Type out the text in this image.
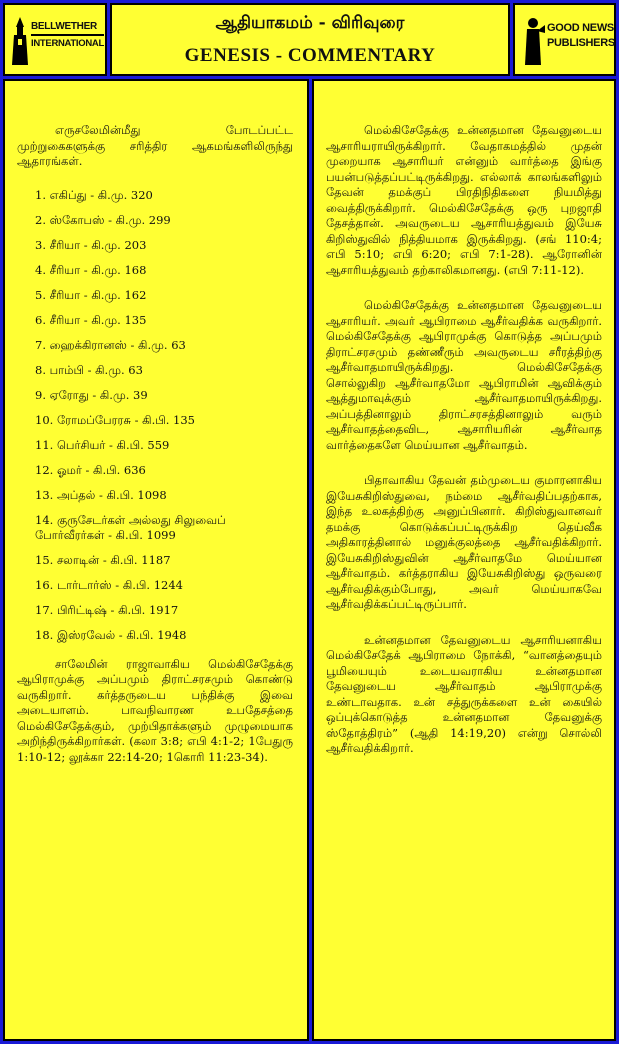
BELLWETHER
INTERNATIONAL
ஆதியாகமம் - விரிவுரை
GENESIS - COMMENTARY
GOOD NEWS
PUBLISHERS

எருசலேமின்மீது போடப்பட்ட முற்றுகைகளுக்கு சரித்திர ஆகமங்களிலிருந்து ஆதாரங்கள்.

1. எகிப்து - கி.மு. 320
2. ஸ்கோபஸ் - கி.மு. 299
3. சீரியா - கி.மு. 203
4. சீரியா - கி.மு. 168
5. சீரியா - கி.மு. 162
6. சீரியா - கி.மு. 135
7. ஹைக்கிரானஸ் - கி.மு. 63
8. பாம்பி - கி.மு. 63
9. ஏரோது - கி.மு. 39
10. ரோமப்பேரரசு - கி.பி. 135
11. பெர்சியர் - கி.பி. 559
12. ஓமர் - கி.பி. 636
13. அப்தல் - கி.பி. 1098
14. குருசேடர்கள் அல்லது சிலுவைப் போர்வீரர்கள் - கி.பி. 1099
15. சலாடின் - கி.பி. 1187
16. டார்டார்ஸ் - கி.பி. 1244
17. பிரிட்டிஷ் - கி.பி. 1917
18. இஸ்ரவேல் - கி.பி. 1948

சாலேமின் ராஜாவாகிய மெல்கிசேதேக்கு ஆபிராமுக்கு அப்பமும் திராட்சரசமும் கொண்டு வருகிறார். கர்த்தருடைய பந்திக்கு இவை அடையாளம். பாவநிவாரண உபதேசத்தை மெல்கிசேதேக்கும், முற்பிதாக்களும் முழுமையாக அறிந்திருக்கிறார்கள். (கலா 3:8; எபி 4:1-2; 1பேதுரு 1:10-12; லூக்கா 22:14-20; 1கொரி 11:23-34).

மெல்கிசேதேக்கு உன்னதமான தேவனுடைய ஆசாரியராயிருக்கிறார். வேதாகமத்தில் முதன் முறையாக ஆசாரியர் என்னும் வார்த்தை இங்கு பயன்படுத்தப்பட்டிருக்கிறது. எல்லாக் காலங்களிலும் தேவன் தமக்குப் பிரதிநிதிகளை நியமித்து வைத்திருக்கிறார். மெல்கிசேதேக்கு ஒரு புறஜாதி தேசத்தான். அவருடைய ஆசாரியத்துவம் இயேசு கிறிஸ்துவில் நித்தியமாக இருக்கிறது. (சங் 110:4; எபி 5:10; எபி 6:20; எபி 7:1-28). ஆரோனின் ஆசாரியத்துவம் தற்காலிகமானது. (எபி 7:11-12).

மெல்கிசேதேக்கு உன்னதமான தேவனுடைய ஆசாரியர். அவர் ஆபிராமை ஆசீர்வதிக்க வருகிறார். மெல்கிசேதேக்கு ஆபிராமுக்கு கொடுத்த அப்பமும் திராட்சரசமும் தண்ணீரும் அவருடைய சரீரத்திற்கு ஆசீர்வாதமாயிருக்கிறது. மெல்கிசேதேக்கு சொல்லுகிற ஆசீர்வாதமோ ஆபிராமின் ஆவிக்கும் ஆத்துமாவுக்கும் ஆசீர்வாதமாயிருக்கிறது. அப்பத்தினாலும் திராட்சரசத்தினாலும் வரும் ஆசீர்வாதத்தைவிட, ஆசாரியரின் ஆசீர்வாத வார்த்தைகளே மெய்யான ஆசீர்வாதம்.

பிதாவாகிய தேவன் தம்முடைய குமாரனாகிய இயேசுகிறிஸ்துவை, நம்மை ஆசீர்வதிப்பதற்காக, இந்த உலகத்திற்கு அனுப்பினார். கிறிஸ்துவானவர் தமக்கு கொடுக்கப்பட்டிருக்கிற தெய்வீக அதிகாரத்தினால் மனுக்குலத்தை ஆசீர்வதிக்கிறார். இயேசுகிறிஸ்துவின் ஆசீர்வாதமே மெய்யான ஆசீர்வாதம். கர்த்தராகிய இயேசுகிறிஸ்து ஒருவரை ஆசீர்வதிக்கும்போது, அவர் மெய்யாகவே ஆசீர்வதிக்கப்பட்டிருப்பார்.

உன்னதமான தேவனுடைய ஆசாரியனாகிய மெல்கிசேதேக் ஆபிராமை நோக்கி, “வானத்தையும் பூமியையும் உடையவராகிய உன்னதமான தேவனுடைய ஆசீர்வாதம் ஆபிராமுக்கு உண்டாவதாக. உன் சத்துருக்களை உன் கையில் ஒப்புக்கொடுத்த உன்னதமான தேவனுக்கு ஸ்தோத்திரம்” (ஆதி 14:19,20) என்று சொல்லி ஆசீர்வதிக்கிறார்.
